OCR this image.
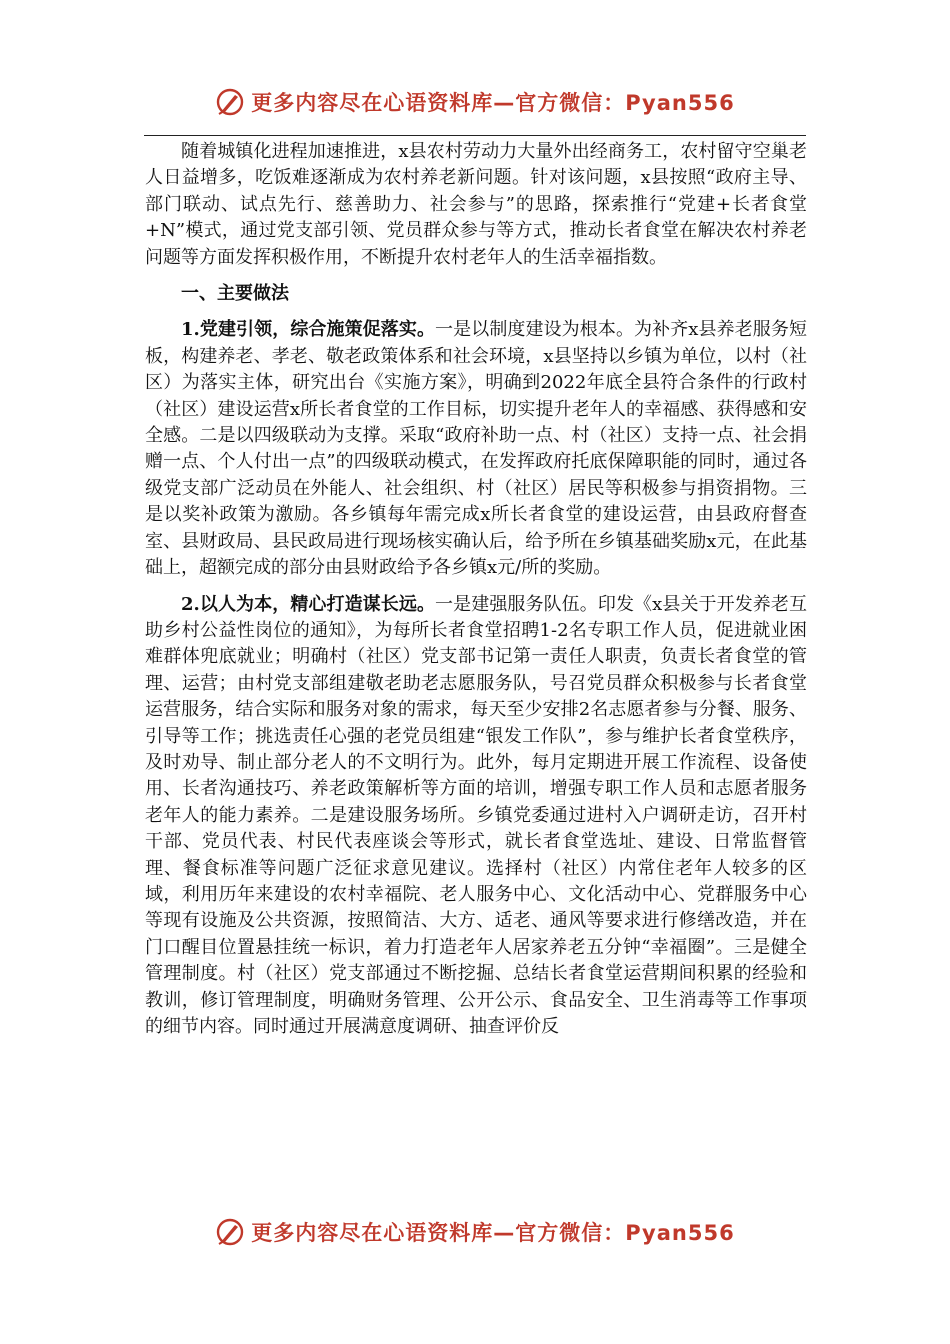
更多内容尽在心语资料库—官方微信：Pyan556

随着城镇化进程加速推进，x县农村劳动力大量外出经商务工，农村留守空巢老人日益增多，吃饭难逐渐成为农村养老新问题。针对该问题，x县按照“政府主导、部门联动、试点先行、慈善助力、社会参与”的思路，探索推行“党建+长者食堂+N”模式，通过党支部引领、党员群众参与等方式，推动长者食堂在解决农村养老问题等方面发挥积极作用，不断提升农村老年人的生活幸福指数。

一、主要做法

1.党建引领，综合施策促落实。一是以制度建设为根本。为补齐x县养老服务短板，构建养老、孝老、敬老政策体系和社会环境，x县坚持以乡镇为单位，以村（社区）为落实主体，研究出台《实施方案》，明确到2022年底全县符合条件的行政村（社区）建设运营x所长者食堂的工作目标，切实提升老年人的幸福感、获得感和安全感。二是以四级联动为支撑。采取“政府补助一点、村（社区）支持一点、社会捐赠一点、个人付出一点”的四级联动模式，在发挥政府托底保障职能的同时，通过各级党支部广泛动员在外能人、社会组织、村（社区）居民等积极参与捐资捐物。三是以奖补政策为激励。各乡镇每年需完成x所长者食堂的建设运营，由县政府督查室、县财政局、县民政局进行现场核实确认后，给予所在乡镇基础奖励x元，在此基础上，超额完成的部分由县财政给予各乡镇x元/所的奖励。

2.以人为本，精心打造谋长远。一是建强服务队伍。印发《x县关于开发养老互助乡村公益性岗位的通知》，为每所长者食堂招聘1-2名专职工作人员，促进就业困难群体兜底就业；明确村（社区）党支部书记第一责任人职责，负责长者食堂的管理、运营；由村党支部组建敬老助老志愿服务队，号召党员群众积极参与长者食堂运营服务，结合实际和服务对象的需求，每天至少安排2名志愿者参与分餐、服务、引导等工作；挑选责任心强的老党员组建“银发工作队”，参与维护长者食堂秩序，及时劝导、制止部分老人的不文明行为。此外，每月定期进开展工作流程、设备使用、长者沟通技巧、养老政策解析等方面的培训，增强专职工作人员和志愿者服务老年人的能力素养。二是建设服务场所。乡镇党委通过进村入户调研走访，召开村干部、党员代表、村民代表座谈会等形式，就长者食堂选址、建设、日常监督管理、餐食标准等问题广泛征求意见建议。选择村（社区）内常住老年人较多的区域，利用历年来建设的农村幸福院、老人服务中心、文化活动中心、党群服务中心等现有设施及公共资源，按照简洁、大方、适老、通风等要求进行修缮改造，并在门口醒目位置悬挂统一标识，着力打造老年人居家养老五分钟“幸福圈”。三是健全管理制度。村（社区）党支部通过不断挖掘、总结长者食堂运营期间积累的经验和教训，修订管理制度，明确财务管理、公开公示、食品安全、卫生消毒等工作事项的细节内容。同时通过开展满意度调研、抽查评价反

更多内容尽在心语资料库—官方微信：Pyan556
